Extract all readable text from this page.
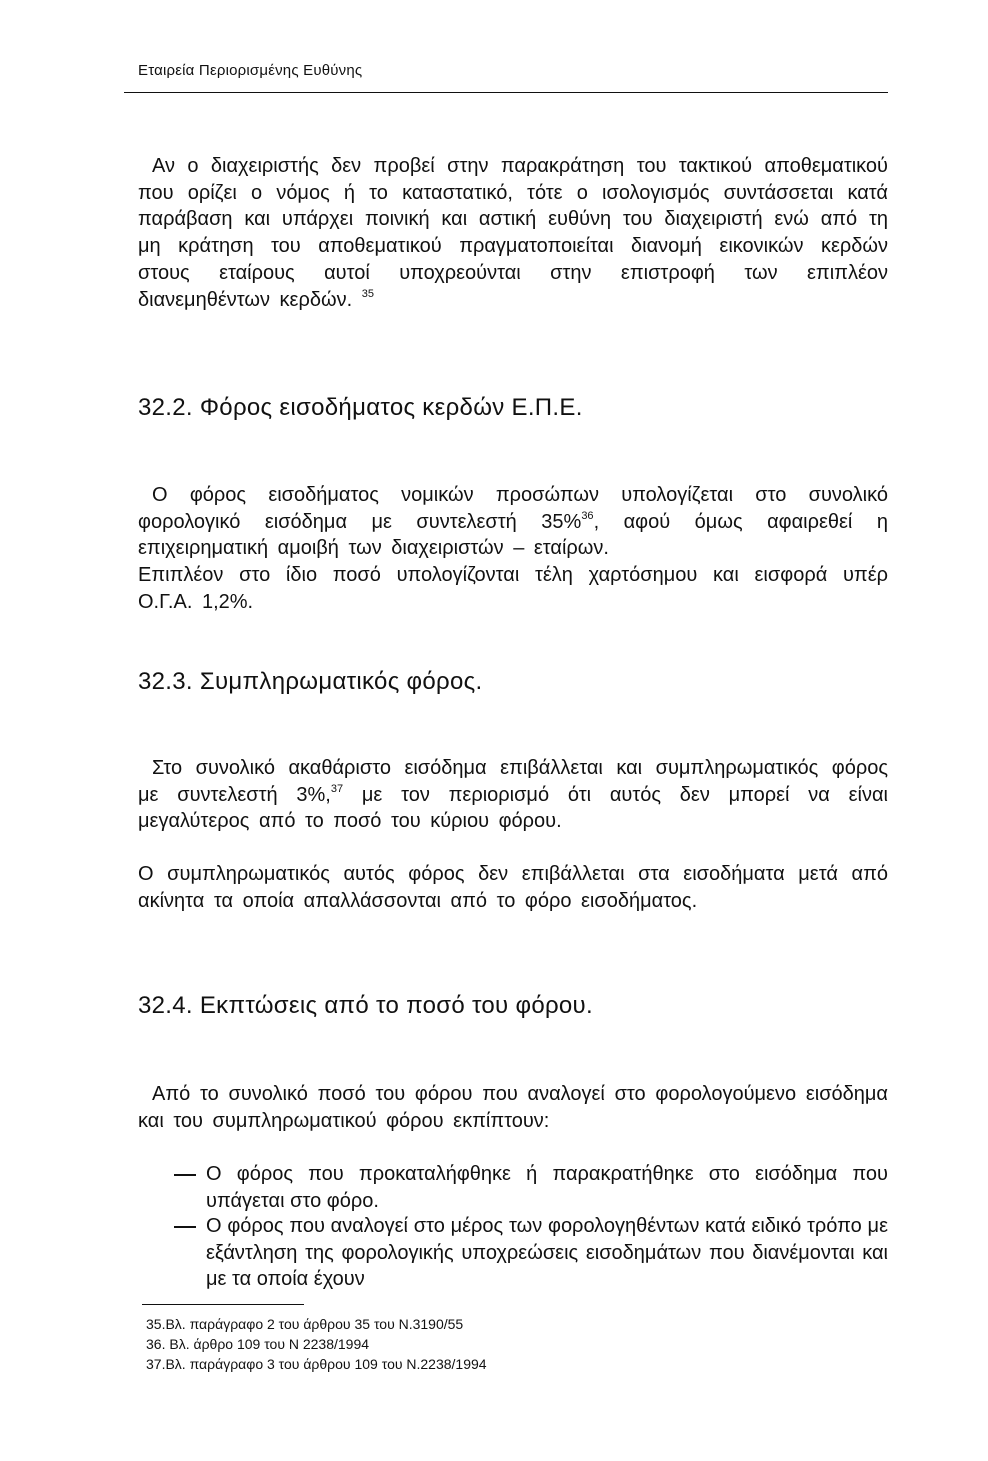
Εταιρεία Περιορισμένης Ευθύνης
Αν ο διαχειριστής δεν προβεί στην παρακράτηση του τακτικού αποθεματικού που ορίζει ο νόμος ή το καταστατικό, τότε ο ισολογισμός συντάσσεται κατά παράβαση και υπάρχει ποινική και αστική ευθύνη του διαχειριστή ενώ από τη μη κράτηση του αποθεματικού πραγματοποιείται διανομή εικονικών κερδών στους εταίρους αυτοί υποχρεούνται στην επιστροφή των επιπλέον διανεμηθέντων κερδών. $^{35}$
32.2. Φόρος εισοδήματος κερδών Ε.Π.Ε.
Ο φόρος εισοδήματος νομικών προσώπων υπολογίζεται στο συνολικό φορολογικό εισόδημα με συντελεστή 35%$^{36}$, αφού όμως αφαιρεθεί η επιχειρηματική αμοιβή των διαχειριστών – εταίρων.
Επιπλέον στο ίδιο ποσό υπολογίζονται τέλη χαρτόσημου και εισφορά υπέρ Ο.Γ.Α. 1,2%.
32.3. Συμπληρωματικός φόρος.
Στο συνολικό ακαθάριστο εισόδημα επιβάλλεται και συμπληρωματικός φόρος με συντελεστή 3%,$^{37}$ με τον περιορισμό ότι αυτός δεν μπορεί να είναι μεγαλύτερος από το ποσό του κύριου φόρου.
Ο συμπληρωματικός αυτός φόρος δεν επιβάλλεται στα εισοδήματα μετά από ακίνητα τα οποία απαλλάσσονται από το φόρο εισοδήματος.
32.4. Εκπτώσεις από το ποσό του φόρου.
Από το συνολικό ποσό του φόρου που αναλογεί στο φορολογούμενο εισόδημα και του συμπληρωματικού φόρου εκπίπτουν:
Ο φόρος που προκαταλήφθηκε ή παρακρατήθηκε στο εισόδημα που υπάγεται στο φόρο.
Ο φόρος που αναλογεί στο μέρος των φορολογηθέντων κατά ειδικό τρόπο με εξάντληση της φορολογικής υποχρεώσεις εισοδημάτων που διανέμονται και με τα οποία έχουν
35.Βλ. παράγραφο 2 του άρθρου 35 του Ν.3190/55
36. Βλ. άρθρο 109 του Ν 2238/1994
37.Βλ. παράγραφο 3 του άρθρου 109 του Ν.2238/1994
